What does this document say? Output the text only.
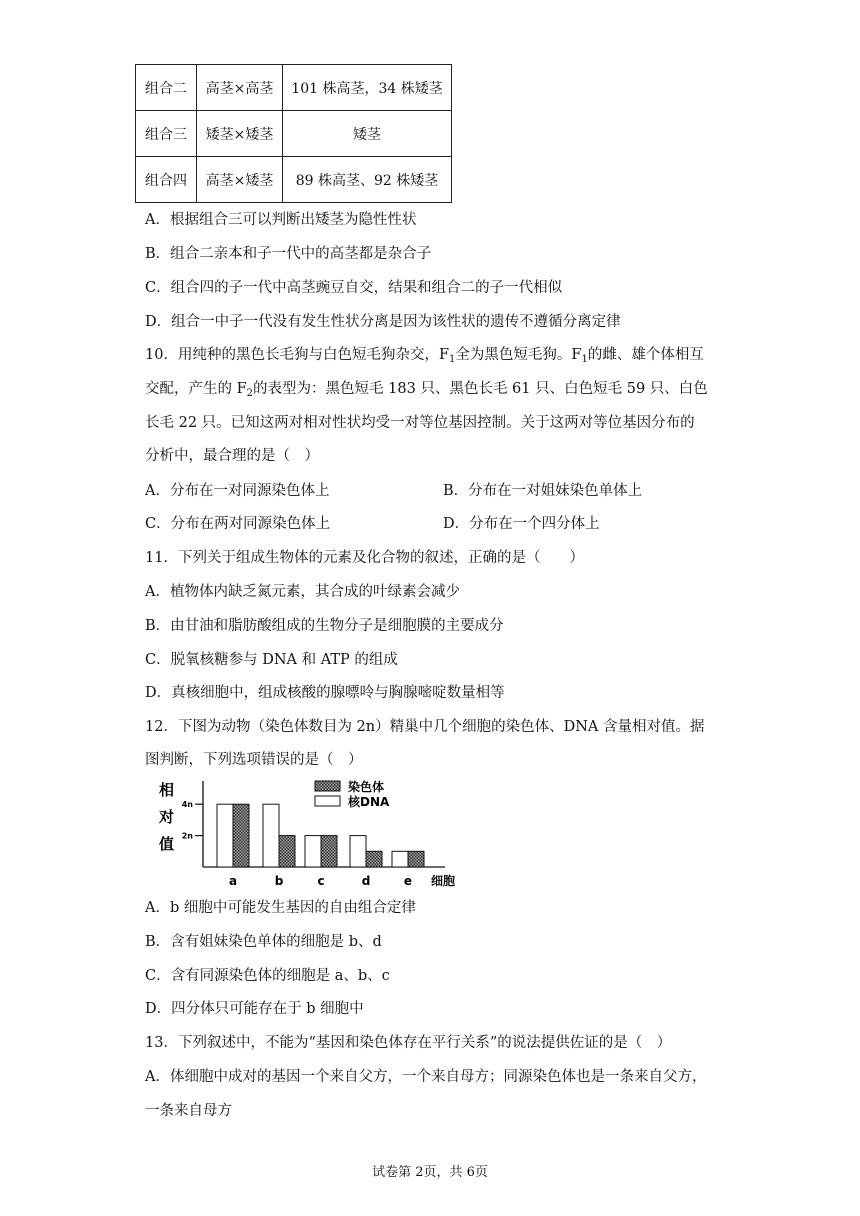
组合二	高茎×高茎	101 株高茎，34 株矮茎
组合三	矮茎×矮茎	矮茎
组合四	高茎×矮茎	89 株高茎、92 株矮茎
A．根据组合三可以判断出矮茎为隐性性状
B．组合二亲本和子一代中的高茎都是杂合子
C．组合四的子一代中高茎豌豆自交，结果和组合二的子一代相似
D．组合一中子一代没有发生性状分离是因为该性状的遗传不遵循分离定律
10．用纯种的黑色长毛狗与白色短毛狗杂交，$F_1$全为黑色短毛狗。$F_1$的雌、雄个体相互
交配，产生的 $F_2$的表型为：黑色短毛 183 只、黑色长毛 61 只、白色短毛 59 只、白色
长毛 22 只。已知这两对相对性状均受一对等位基因控制。关于这两对等位基因分布的
分析中，最合理的是（　）
A．分布在一对同源染色体上	B．分布在一对姐妹染色单体上
C．分布在两对同源染色体上	D．分布在一个四分体上
11．下列关于组成生物体的元素及化合物的叙述，正确的是（　　）
A．植物体内缺乏氮元素，其合成的叶绿素会减少
B．由甘油和脂肪酸组成的生物分子是细胞膜的主要成分
C．脱氧核糖参与 DNA 和 ATP 的组成
D．真核细胞中，组成核酸的腺嘌呤与胸腺嘧啶数量相等
12．下图为动物（染色体数目为 2n）精巢中几个细胞的染色体、DNA 含量相对值。据
图判断，下列选项错误的是（　）
4n
2n
相
对
值
a	b	c	d	e 细胞
染色体
核DNA
A．b 细胞中可能发生基因的自由组合定律
B．含有姐妹染色单体的细胞是 b、d
C．含有同源染色体的细胞是 a、b、c
D．四分体只可能存在于 b 细胞中
13．下列叙述中，不能为“基因和染色体存在平行关系”的说法提供佐证的是（　）
A．体细胞中成对的基因一个来自父方，一个来自母方；同源染色体也是一条来自父方，
一条来自母方
试卷第 2页，共 6页
